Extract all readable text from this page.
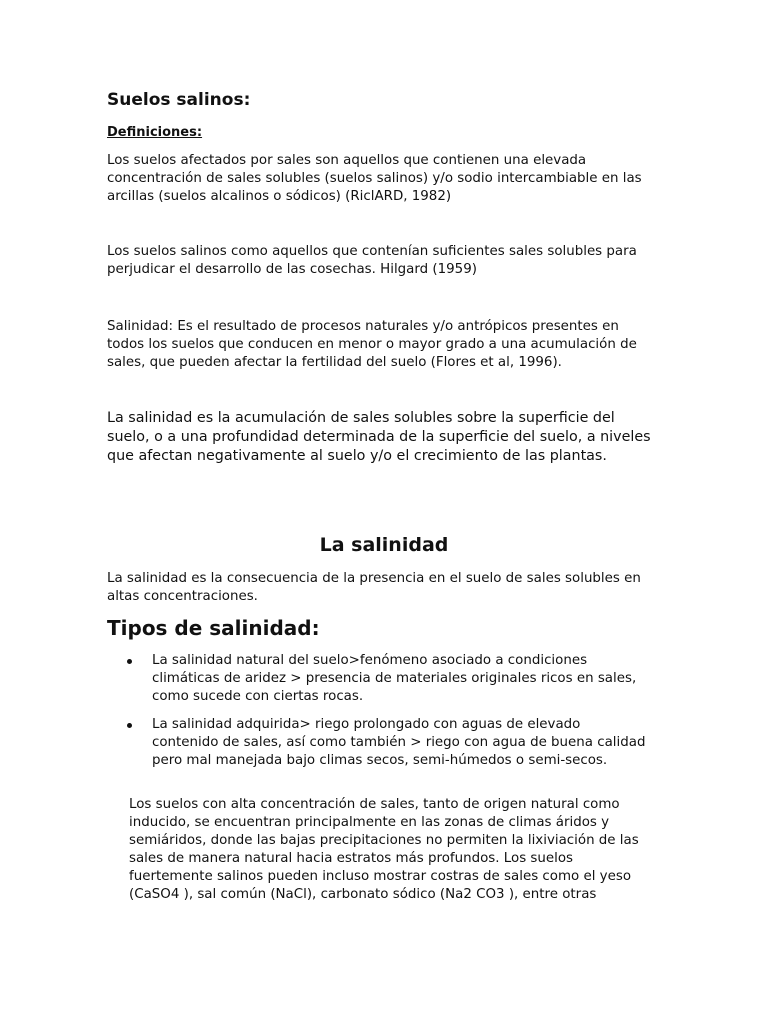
Suelos salinos:
Definiciones:

Los suelos afectados por sales son aquellos que contienen una elevada
concentración de sales solubles (suelos salinos) y/o sodio intercambiable en las
arcillas (suelos alcalinos o sódicos) (RiclARD, 1982)

Los suelos salinos como aquellos que contenían suficientes sales solubles para
perjudicar el desarrollo de las cosechas. Hilgard (1959)

Salinidad: Es el resultado de procesos naturales y/o antrópicos presentes en
todos los suelos que conducen en menor o mayor grado a una acumulación de
sales, que pueden afectar la fertilidad del suelo (Flores et al, 1996).

La salinidad es la acumulación de sales solubles sobre la superficie del
suelo, o a una profundidad determinada de la superficie del suelo, a niveles
que afectan negativamente al suelo y/o el crecimiento de las plantas.

La salinidad

La salinidad es la consecuencia de la presencia en el suelo de sales solubles en
altas concentraciones.

Tipos de salinidad:
La salinidad natural del suelo>fenómeno asociado a condiciones
climáticas de aridez > presencia de materiales originales ricos en sales,
como sucede con ciertas rocas.
La salinidad adquirida> riego prolongado con aguas de elevado
contenido de sales, así como también > riego con agua de buena calidad
pero mal manejada bajo climas secos, semi-húmedos o semi-secos.

Los suelos con alta concentración de sales, tanto de origen natural como
inducido, se encuentran principalmente en las zonas de climas áridos y
semiáridos, donde las bajas precipitaciones no permiten la lixiviación de las
sales de manera natural hacia estratos más profundos. Los suelos
fuertemente salinos pueden incluso mostrar costras de sales como el yeso
(CaSO4 ), sal común (NaCl), carbonato sódico (Na2 CO3 ), entre otras
